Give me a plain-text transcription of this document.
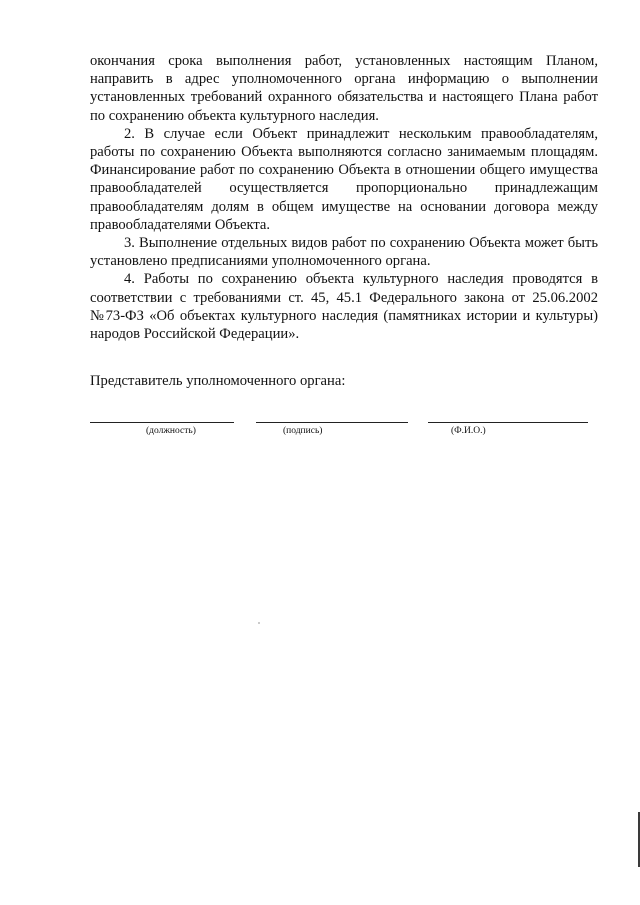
окончания срока выполнения работ, установленных настоящим Планом, направить в адрес уполномоченного органа информацию о выполнении установленных требований охранного обязательства и настоящего Плана работ по сохранению объекта культурного наследия.

2. В случае если Объект принадлежит нескольким правообладателям, работы по сохранению Объекта выполняются согласно занимаемым площадям. Финансирование работ по сохранению Объекта в отношении общего имущества правообладателей осуществляется пропорционально принадлежащим правообладателям долям в общем имуществе на основании договора между правообладателями Объекта.

3. Выполнение отдельных видов работ по сохранению Объекта может быть установлено предписаниями уполномоченного органа.

4. Работы по сохранению объекта культурного наследия проводятся в соответствии с требованиями ст. 45, 45.1 Федерального закона от 25.06.2002 №73-ФЗ «Об объектах культурного наследия (памятниках истории и культуры) народов Российской Федерации».

Представитель уполномоченного органа:
(должность)	(подпись)	(Ф.И.О.)
